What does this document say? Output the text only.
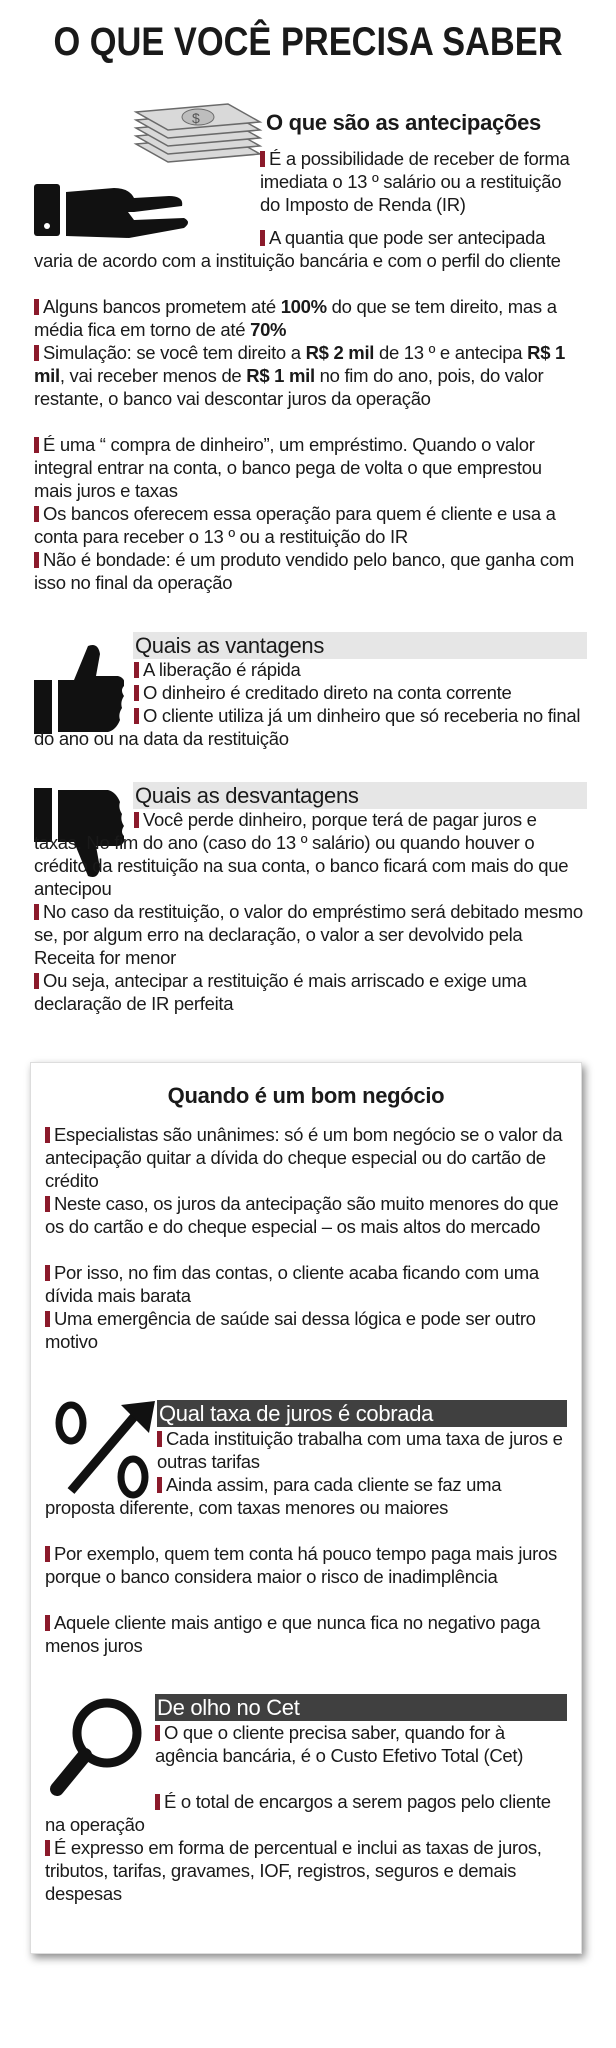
O QUE VOCÊ PRECISA SABER
$	O que são as antecipações

É a possibilidade de receber de forma imediata o 13 º salário ou a restituição do Imposto de Renda (IR)

A quantia que pode ser antecipada varia de acordo com a instituição bancária e com o perfil do cliente

Alguns bancos prometem até 100% do que se tem direito, mas a média fica em torno de até 70%

Simulação: se você tem direito a R$ 2 mil de 13 º e antecipa R$ 1 mil, vai receber menos de R$ 1 mil no fim do ano, pois, do valor restante, o banco vai descontar juros da operação

É uma “ compra de dinheiro”, um empréstimo. Quando o valor integral entrar na conta, o banco pega de volta o que emprestou mais juros e taxas

Os bancos oferecem essa operação para quem é cliente e usa a conta para receber o 13 º ou a restituição do IR

Não é bondade: é um produto vendido pelo banco, que ganha com isso no final da operação

Quais as vantagens

A liberação é rápida

O dinheiro é creditado direto na conta corrente

O cliente utiliza já um dinheiro que só receberia no final do ano ou na data da restituição

Quais as desvantagens

Você perde dinheiro, porque terá de pagar juros e taxas. No fim do ano (caso do 13 º salário) ou quando houver o crédito da restituição na sua conta, o banco ficará com mais do que antecipou

No caso da restituição, o valor do empréstimo será debitado mesmo se, por algum erro na declaração, o valor a ser devolvido pela Receita for menor

Ou seja, antecipar a restituição é mais arriscado e exige uma declaração de IR perfeita

Quando é um bom negócio

Especialistas são unânimes: só é um bom negócio se o valor da antecipação quitar a dívida do cheque especial ou do cartão de crédito

Neste caso, os juros da antecipação são muito menores do que os do cartão e do cheque especial – os mais altos do mercado

Por isso, no fim das contas, o cliente acaba ficando com uma dívida mais barata

Uma emergência de saúde sai dessa lógica e pode ser outro motivo

Qual taxa de juros é cobrada

Cada instituição trabalha com uma taxa de juros e outras tarifas

Ainda assim, para cada cliente se faz uma proposta diferente, com taxas menores ou maiores

Por exemplo, quem tem conta há pouco tempo paga mais juros porque o banco considera maior o risco de inadimplência

Aquele cliente mais antigo e que nunca fica no negativo paga menos juros

De olho no Cet

O que o cliente precisa saber, quando for à agência bancária, é o Custo Efetivo Total (Cet)

É o total de encargos a serem pagos pelo cliente na operação

É expresso em forma de percentual e inclui as taxas de juros, tributos, tarifas, gravames, IOF, registros, seguros e demais despesas
